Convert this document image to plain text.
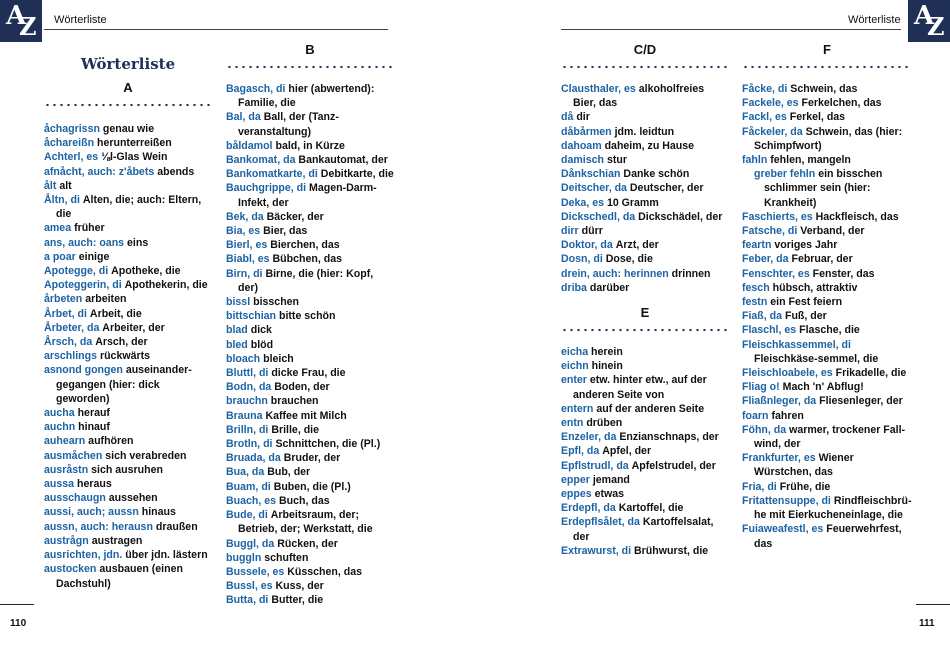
A
Z Wörterliste
Wörterliste
A
åchagrissn genau wie
åchareißn herunterreißen
Achterl, es ⅛l-Glas Wein
afnåcht, auch: z'åbets abends
ålt alt
Åltn, di Alten, die; auch: Eltern, die
amea früher
ans, auch: oans eins
a poar einige
Apotegge, di Apotheke, die
Apoteggerin, di Apothekerin, die
årbeten arbeiten
Årbet, di Arbeit, die
Årbeter, da Arbeiter, der
Årsch, da Arsch, der
arschlings rückwärts
asnond gongen auseinander-gegangen (hier: dick geworden)
aucha herauf
auchn hinauf
auhearn aufhören
ausmåchen sich verabreden
ausråstn sich ausruhen
aussa heraus
ausschaugn aussehen
aussi, auch; aussn hinaus
aussn, auch: herausn draußen
austrågn austragen
ausrichten, jdn. über jdn. lästern
austocken ausbauen (einen Dachstuhl)
B
Bagasch, di hier (abwertend): Familie, die
Bal, da Ball, der (Tanz-veranstaltung)
båldamol bald, in Kürze
Bankomat, da Bankautomat, der
Bankomatkarte, di Debitkarte, die
Bauchgrippe, di Magen-Darm-Infekt, der
Bek, da Bäcker, der
Bia, es Bier, das
Bierl, es Bierchen, das
Biabl, es Bübchen, das
Birn, di Birne, die (hier: Kopf, der)
bissl bisschen
bittschian bitte schön
blad dick
bled blöd
bloach bleich
Bluttl, di dicke Frau, die
Bodn, da Boden, der
brauchn brauchen
Brauna Kaffee mit Milch
Brilln, di Brille, die
Brotln, di Schnittchen, die (Pl.)
Bruada, da Bruder, der
Bua, da Bub, der
Buam, di Buben, die (Pl.)
Buach, es Buch, das
Bude, di Arbeitsraum, der; Betrieb, der; Werkstatt, die
Buggl, da Rücken, der
buggln schuften
Bussele, es Küsschen, das
Bussl, es Kuss, der
Butta, di Butter, die
110
A
Z
Wörterliste
C/D
Clausthaler, es alkoholfreies Bier, das
då dir
dåbårmen jdm. leidtun
dahoam daheim, zu Hause
damisch stur
Dånkschian Danke schön
Deitscher, da Deutscher, der
Deka, es 10 Gramm
Dickschedl, da Dickschädel, der
dirr dürr
Doktor, da Arzt, der
Dosn, di Dose, die
drein, auch: herinnen drinnen
driba darüber
E
eicha herein
eichn hinein
enter etw. hinter etw., auf der anderen Seite von
entern auf der anderen Seite
entn drüben
Enzeler, da Enzianschnaps, der
Epfl, da Apfel, der
Epflstrudl, da Apfelstrudel, der
epper jemand
eppes etwas
Erdepfl, da Kartoffel, die
Erdepflsålet, da Kartoffelsalat, der
Extrawurst, di Brühwurst, die
F
Fåcke, di Schwein, das
Fackele, es Ferkelchen, das
Fackl, es Ferkel, das
Fåckeler, da Schwein, das (hier: Schimpfwort)
fahln fehlen, mangeln
greber fehln ein bisschen schlimmer sein (hier: Krankheit)
Faschierts, es Hackfleisch, das
Fatsche, di Verband, der
feartn voriges Jahr
Feber, da Februar, der
Fenschter, es Fenster, das
fesch hübsch, attraktiv
festn ein Fest feiern
Fiaß, da Fuß, der
Flaschl, es Flasche, die
Fleischkassemmel, di Fleischkäse-semmel, die
Fleischloabele, es Frikadelle, die
Fliag o! Mach 'n' Abflug!
Fliaßnleger, da Fliesenleger, der
foarn fahren
Föhn, da warmer, trockener Fall-wind, der
Frankfurter, es Wiener Würstchen, das
Fria, di Frühe, die
Fritattensuppe, di Rindfleischbrü-he mit Eierkucheneinlage, die
Fuiaweafestl, es Feuerwehrfest, das
111
